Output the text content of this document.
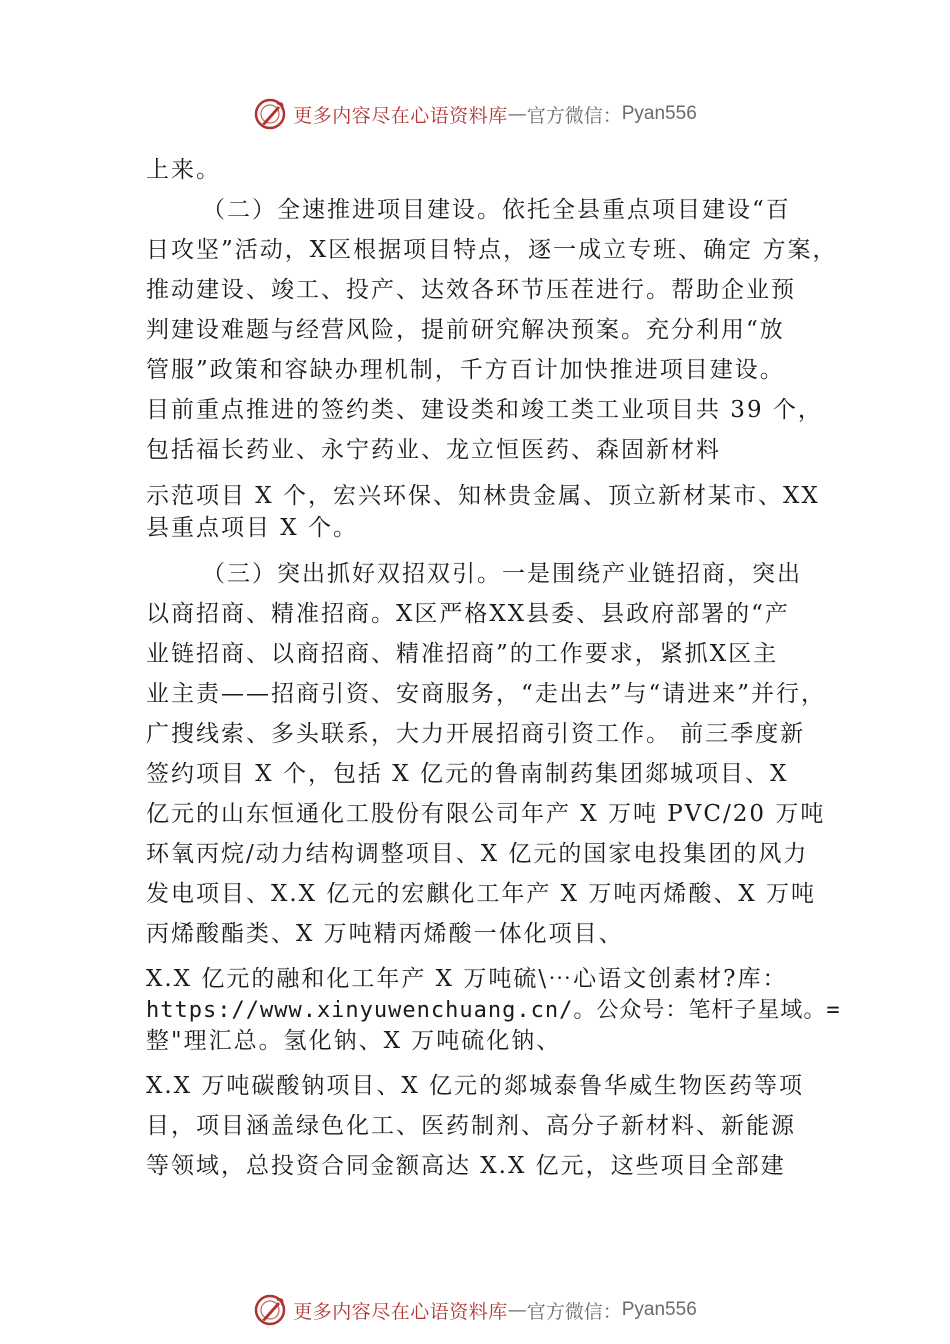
更多内容尽在心语资料库 — 官方微信： Pyan556
上来。
（二）全速推进项目建设。依托全县重点项目建设“百
日攻坚”活动，X区根据项目特点，逐一成立专班、确定 方案，
推动建设、竣工、投产、达效各环节压茬进行。帮助企业预
判建设难题与经营风险，提前研究解决预案。充分利用“放
管服”政策和容缺办理机制，千方百计加快推进项目建设。
目前重点推进的签约类、建设类和竣工类工业项目共 39 个，
包括福长药业、永宁药业、龙立恒医药、森固新材料
示范项目 X 个，宏兴环保、知林贵金属、顶立新材某市、XX
县重点项目 X 个。
（三）突出抓好双招双引。一是围绕产业链招商，突出
以商招商、精准招商。X区严格XX县委、县政府部署的“产
业链招商、以商招商、精准招商”的工作要求，紧抓X区主
业主责——招商引资、安商服务，“走出去”与“请进来”并行，
广搜线索、多头联系，大力开展招商引资工作。 前三季度新
签约项目 X 个，包括 X 亿元的鲁南制药集团郯城项目、X
亿元的山东恒通化工股份有限公司年产 X 万吨 PVC/20 万吨
环氧丙烷/动力结构调整项目、X 亿元的国家电投集团的风力
发电项目、X.X 亿元的宏麒化工年产 X 万吨丙烯酸、X 万吨
丙烯酸酯类、X 万吨精丙烯酸一体化项目、
X.X 亿元的融和化工年产 X 万吨硫\⋯心语文创素材?库：
https://www.xinyuwenchuang.cn/。公众号：笔杆子星域。=
整"理汇总。氢化钠、X 万吨硫化钠、
X.X 万吨碳酸钠项目、X 亿元的郯城泰鲁华威生物医药等项
目，项目涵盖绿色化工、医药制剂、高分子新材料、新能源
等领域，总投资合同金额高达 X.X 亿元，这些项目全部建
更多内容尽在心语资料库 — 官方微信： Pyan556
